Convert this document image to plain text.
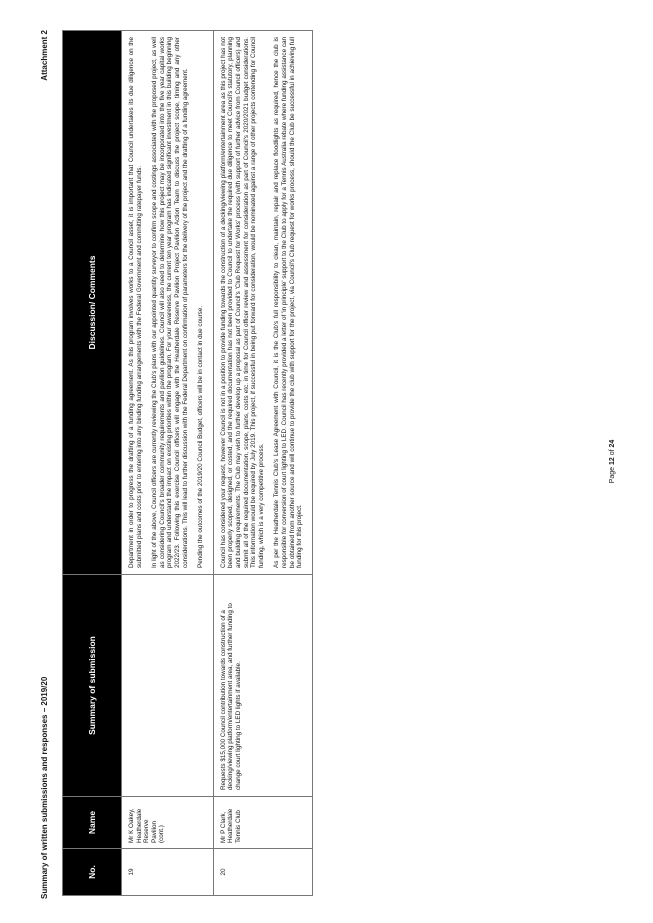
Summary of written submissions and responses – 2019/20
Attachment 2
No.	Name	Summary of submission	Discussion/ Comments
19	Mr K Oakey, Heatherdale Reserve Pavilion (cont.)		Department in order to progress the drafting of a funding agreement. As this program involves works to a Council asset, it is important that Council undertakes its due diligence on the submitted plans and costs prior to entering into any binding funding arrangements with the Federal Government and committing ratepayer funds. In light of the above, Council officers are currently reviewing the Club's plans with our appointed quantity surveyor to confirm scope and costings associated with the proposed project, as well as considering Council's broader community requirements and pavilion guidelines. Council will also need to determine how this project may be incorporated into the five year capital works program and understand the impact on existing priorities within the program. For your awareness, the current ten year program has indicated significant investment in this building beginning 2022/23. Following this exercise Council officers will engage with the Heatherdale Reserve Pavilion Project Pavilion Action Team to discuss the project scope, timing and any other considerations. This will lead to further discussion with the Federal Department on confirmation of parameters for the delivery of the project and the drafting of a funding agreement. Pending the outcomes of the 2019/20 Council Budget, officers will be in contact in due course.

20	Mr P Clark, Heatherdale Tennis Club	Requests $15,000 Council contribution towards construction of a decking/viewing platform/entertainment area, and further funding to change court lighting to LED lights if available.	Council has considered your request, however Council is not in a position to provide funding towards the construction of a decking/viewing platform/entertainment area as this project has not been properly scoped, designed, or costed, and the required documentation has not been provided to Council to undertake the required due diligence to meet Council's statutory, planning and building requirements. The Club may wish to further develop up a proposal as part of Council's 'Club Request for Works' process (with support of further advice from Council officers) and submit all of the required documentation, scope, plans, costs etc. in time for Council officer review and assessment for consideration as part of Council's 2020/2021 budget considerations. This information would be required by July 2019. This project, if successful in being put forward for consideration, would be nominated against a range of other projects contending for Council funding, which is a very competitive process. As per the Heatherdale Tennis Club's Lease Agreement with Council, it is the Club's full responsibility to clean, maintain, repair and replace floodlights as required, hence the club is responsible for conversion of court lighting to LED. Council has recently provided a letter of 'in principle' support to the Club to apply for a Tennis Australia rebate where funding assistance can be obtained from another source and will continue to provide the club with support for the project, via Council's Club request for works process, should the Club be successful in achieving full funding for this project.

Page 12 of 24
